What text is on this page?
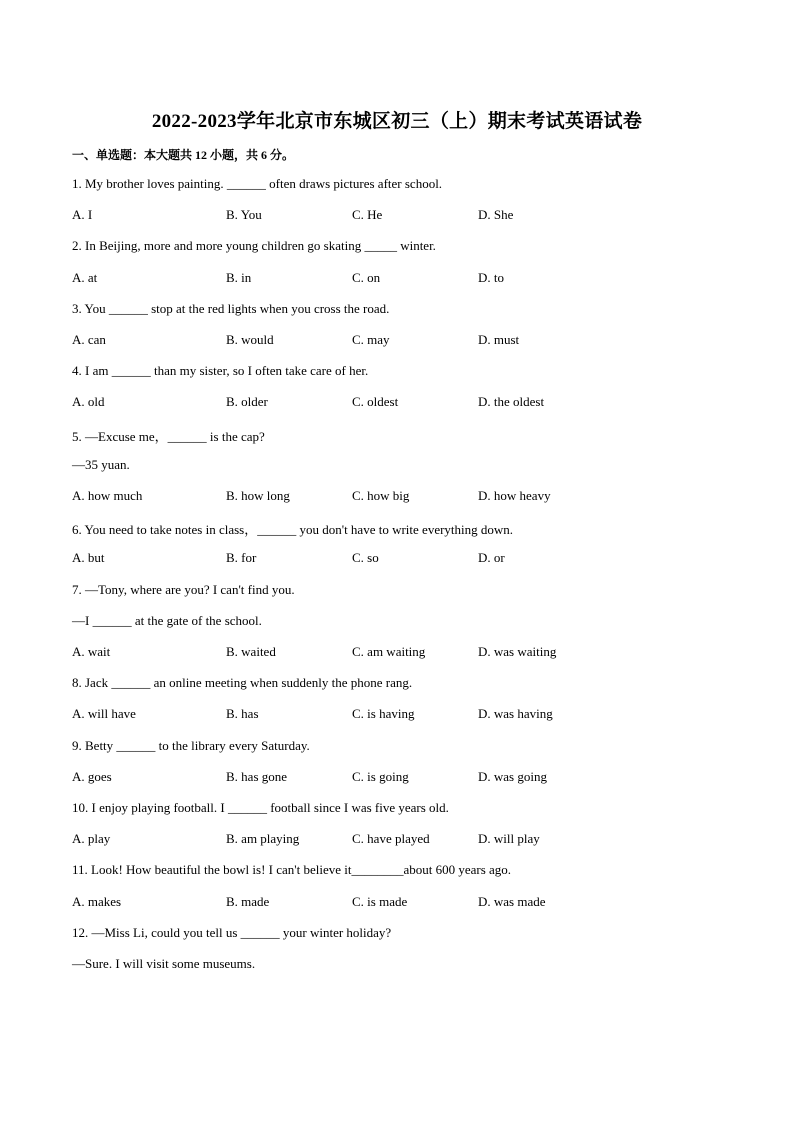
2022-2023学年北京市东城区初三（上）期末考试英语试卷
一、单选题：本大题共 12 小题，共 6 分。
1. My brother loves painting. ______ often draws pictures after school.
A. I	B. You	C. He	D. She
2. In Beijing, more and more young children go skating _____ winter.
A. at	B. in	C. on	D. to
3. You ______ stop at the red lights when you cross the road.
A. can	B. would	C. may	D. must
4. I am ______ than my sister, so I often take care of her.
A. old	B. older	C. oldest	D. the oldest
5. —Excuse me，______ is the cap?
—35 yuan.
A. how much	B. how long	C. how big	D. how heavy
6. You need to take notes in class，______ you don't have to write everything down.
A. but	B. for	C. so	D. or
7. —Tony, where are you? I can't find you.
—I ______ at the gate of the school.
A. wait	B. waited	C. am waiting	D. was waiting
8. Jack ______ an online meeting when suddenly the phone rang.
A. will have	B. has	C. is having	D. was having
9. Betty ______ to the library every Saturday.
A. goes	B. has gone	C. is going	D. was going
10. I enjoy playing football. I ______ football since I was five years old.
A. play	B. am playing	C. have played	D. will play
11. Look! How beautiful the bowl is! I can't believe it________about 600 years ago.
A. makes	B. made	C. is made	D. was made
12. —Miss Li, could you tell us ______ your winter holiday?
—Sure. I will visit some museums.
